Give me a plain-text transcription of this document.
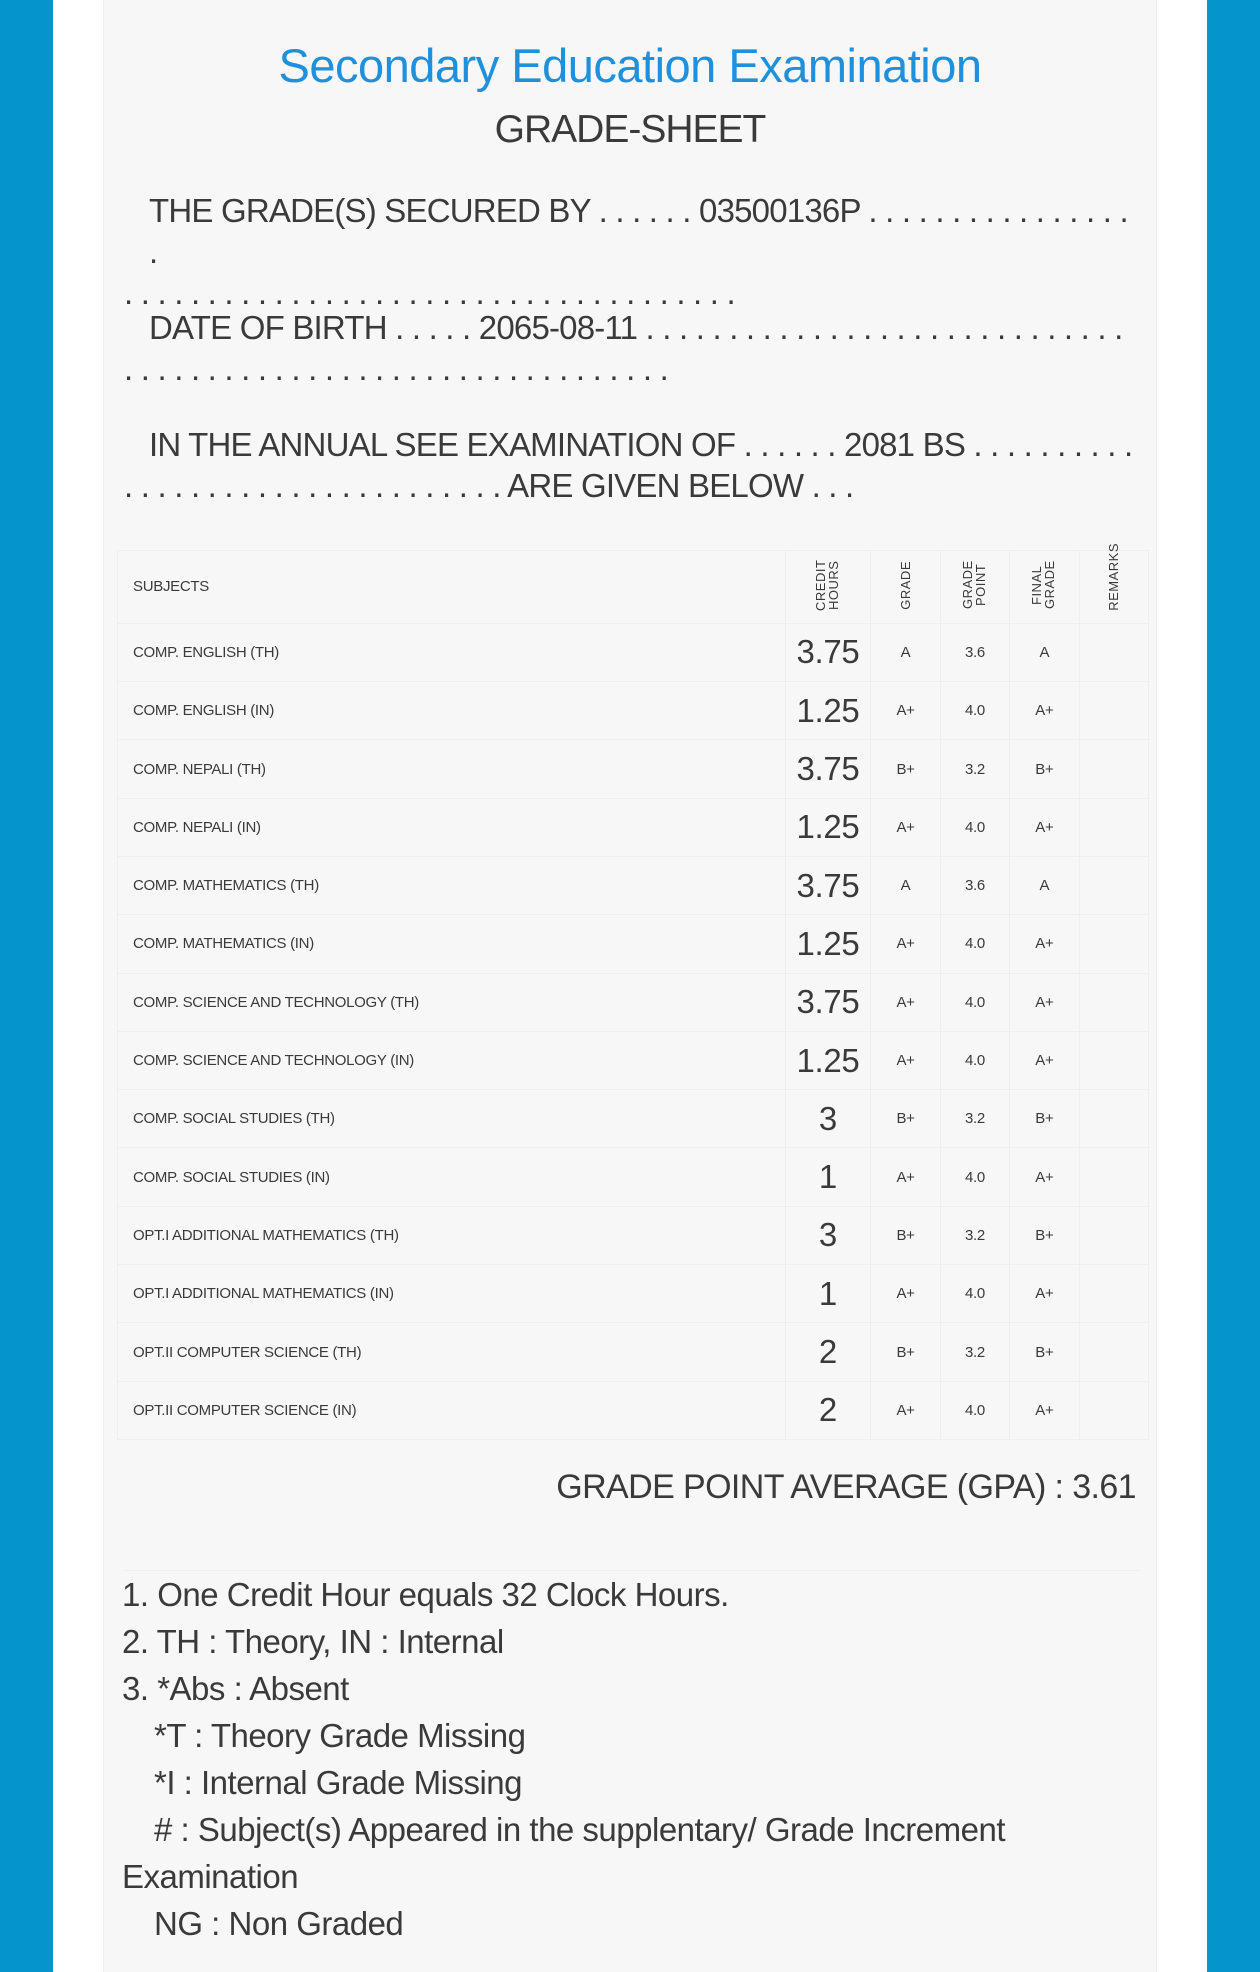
Secondary Education Examination
GRADE-SHEET
THE GRADE(S) SECURED BY . . . . . . 03500136P . . . . . . . . . . . . . . . . .
. . . . . . . . . . . . . . . . . . . . . . . . . . . . . . . . . . . . .
DATE OF BIRTH . . . . . 2065-08-11 . . . . . . . . . . . . . . . . . . . . . . . . . . . . .
. . . . . . . . . . . . . . . . . . . . . . . . . . . . . . . . .
IN THE ANNUAL SEE EXAMINATION OF . . . . . . 2081 BS . . . . . . . . . .
. . . . . . . . . . . . . . . . . . . . . . . ARE GIVEN BELOW . . .
SUBJECTS	CREDIT HOURS	GRADE	GRADE POINT	FINAL GRADE	REMARKS
COMP. ENGLISH (TH)	3.75	A	3.6	A	
COMP. ENGLISH (IN)	1.25	A+	4.0	A+	
COMP. NEPALI (TH)	3.75	B+	3.2	B+	
COMP. NEPALI (IN)	1.25	A+	4.0	A+	
COMP. MATHEMATICS (TH)	3.75	A	3.6	A	
COMP. MATHEMATICS (IN)	1.25	A+	4.0	A+	
COMP. SCIENCE AND TECHNOLOGY (TH)	3.75	A+	4.0	A+	
COMP. SCIENCE AND TECHNOLOGY (IN)	1.25	A+	4.0	A+	
COMP. SOCIAL STUDIES (TH)	3	B+	3.2	B+	
COMP. SOCIAL STUDIES (IN)	1	A+	4.0	A+	
OPT.I ADDITIONAL MATHEMATICS (TH)	3	B+	3.2	B+	
OPT.I ADDITIONAL MATHEMATICS (IN)	1	A+	4.0	A+	
OPT.II COMPUTER SCIENCE (TH)	2	B+	3.2	B+	
OPT.II COMPUTER SCIENCE (IN)	2	A+	4.0	A+	
GRADE POINT AVERAGE (GPA) : 3.61
1. One Credit Hour equals 32 Clock Hours.
2. TH : Theory, IN : Internal
3. *Abs : Absent
*T : Theory Grade Missing
*I : Internal Grade Missing
# : Subject(s) Appeared in the supplentary/ Grade Increment
Examination
NG : Non Graded
